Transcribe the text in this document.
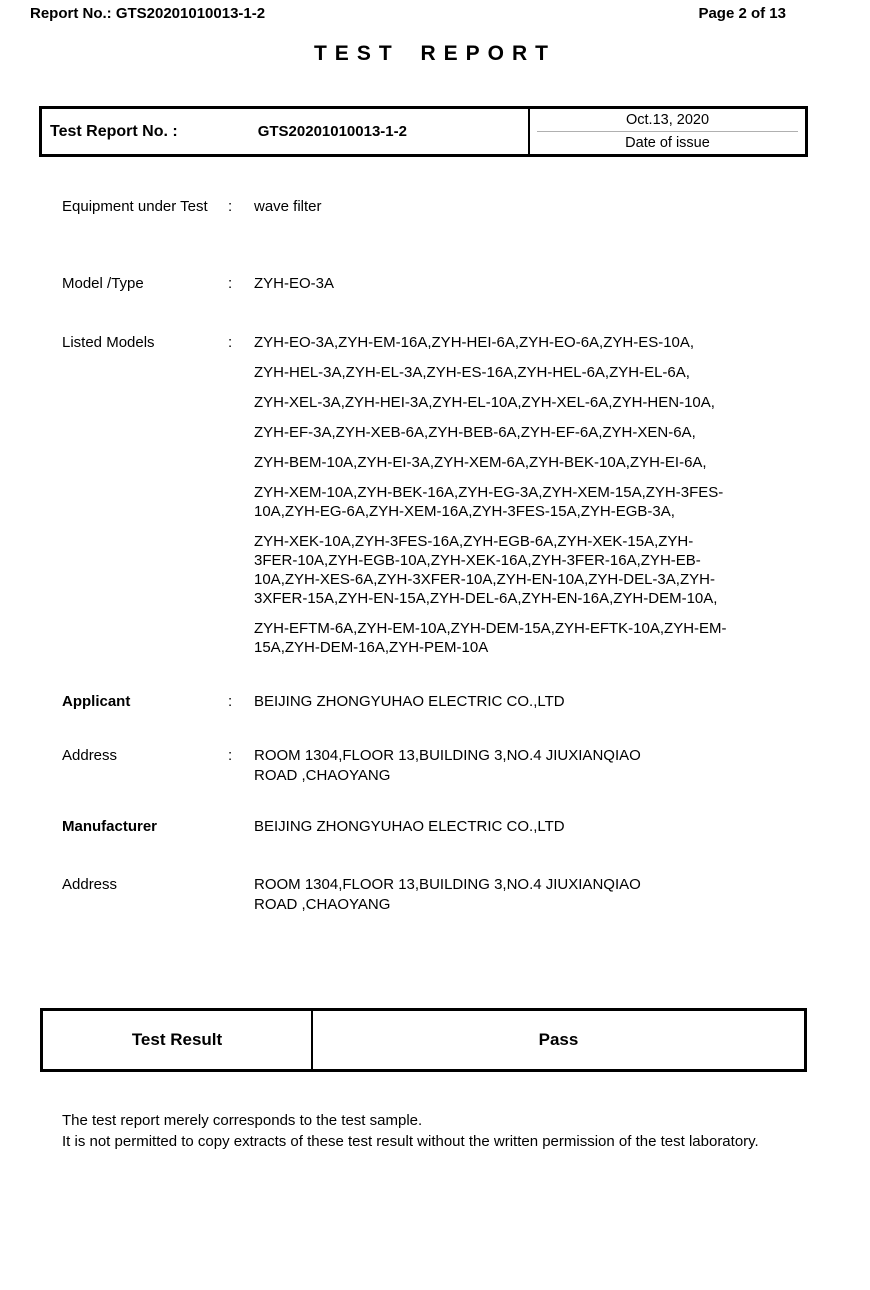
Report No.: GTS20201010013-1-2	Page 2 of 13
TEST REPORT
Test Report No. :	GTS20201010013-1-2
Oct.13, 2020
Date of issue
Equipment under Test	:	wave filter
Model /Type	:	ZYH-EO-3A
Listed Models	:	ZYH-EO-3A,ZYH-EM-16A,ZYH-HEI-6A,ZYH-EO-6A,ZYH-ES-10A,
ZYH-HEL-3A,ZYH-EL-3A,ZYH-ES-16A,ZYH-HEL-6A,ZYH-EL-6A,
ZYH-XEL-3A,ZYH-HEI-3A,ZYH-EL-10A,ZYH-XEL-6A,ZYH-HEN-10A,
ZYH-EF-3A,ZYH-XEB-6A,ZYH-BEB-6A,ZYH-EF-6A,ZYH-XEN-6A,
ZYH-BEM-10A,ZYH-EI-3A,ZYH-XEM-6A,ZYH-BEK-10A,ZYH-EI-6A,
ZYH-XEM-10A,ZYH-BEK-16A,ZYH-EG-3A,ZYH-XEM-15A,ZYH-3FES-
10A,ZYH-EG-6A,ZYH-XEM-16A,ZYH-3FES-15A,ZYH-EGB-3A,
ZYH-XEK-10A,ZYH-3FES-16A,ZYH-EGB-6A,ZYH-XEK-15A,ZYH-
3FER-10A,ZYH-EGB-10A,ZYH-XEK-16A,ZYH-3FER-16A,ZYH-EB-
10A,ZYH-XES-6A,ZYH-3XFER-10A,ZYH-EN-10A,ZYH-DEL-3A,ZYH-
3XFER-15A,ZYH-EN-15A,ZYH-DEL-6A,ZYH-EN-16A,ZYH-DEM-10A,
ZYH-EFTM-6A,ZYH-EM-10A,ZYH-DEM-15A,ZYH-EFTK-10A,ZYH-EM-
15A,ZYH-DEM-16A,ZYH-PEM-10A
Applicant	:	BEIJING ZHONGYUHAO ELECTRIC CO.,LTD
Address	:	ROOM 1304,FLOOR 13,BUILDING 3,NO.4 JIUXIANQIAO
ROAD ,CHAOYANG
Manufacturer	BEIJING ZHONGYUHAO ELECTRIC CO.,LTD
Address	ROOM 1304,FLOOR 13,BUILDING 3,NO.4 JIUXIANQIAO
ROAD ,CHAOYANG
Test Result	Pass
The test report merely corresponds to the test sample.
It is not permitted to copy extracts of these test result without the written permission of the test laboratory.
